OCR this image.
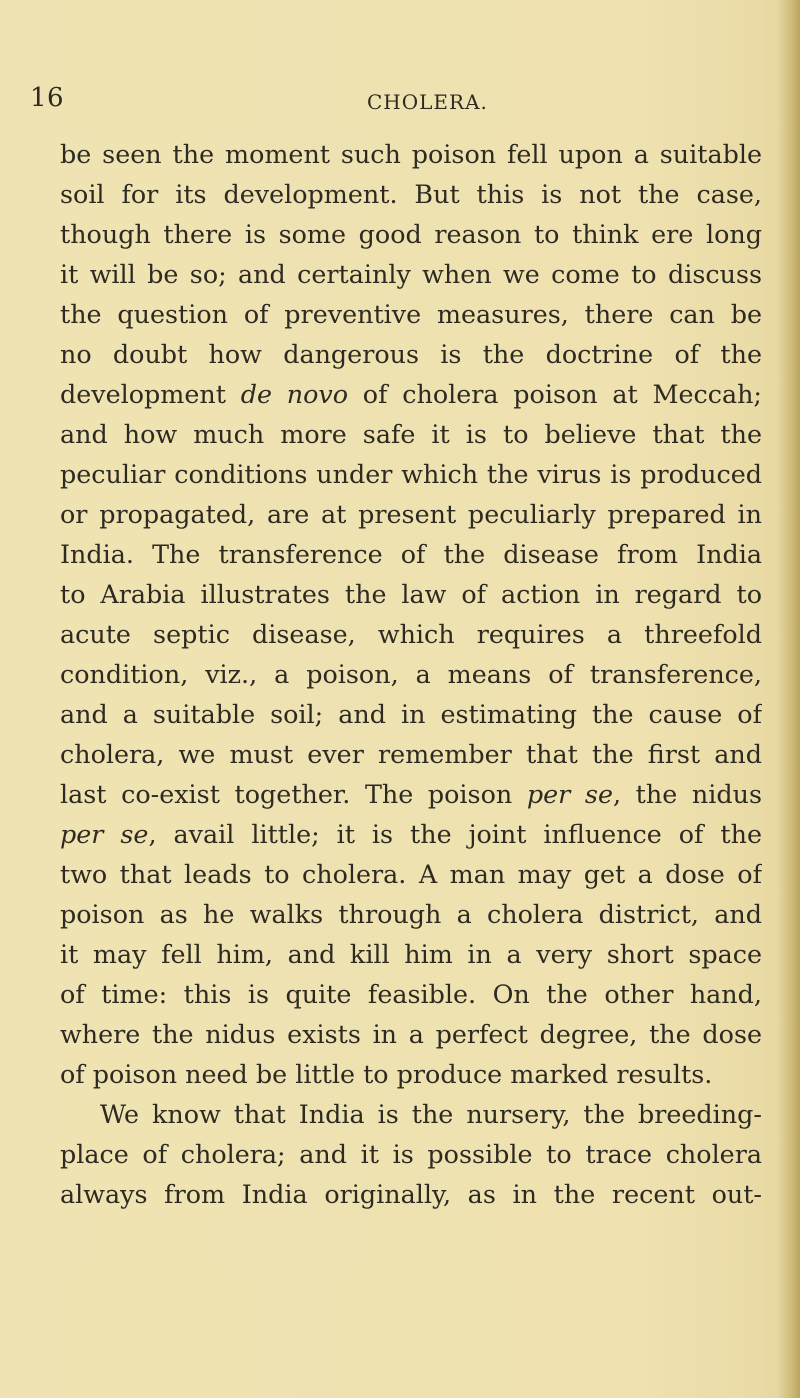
16	CHOLERA.
be seen the moment such poison fell upon a suitable
soil for its development. But this is not the case,
though there is some good reason to think ere long
it will be so; and certainly when we come to discuss
the question of preventive measures, there can be
no doubt how dangerous is the doctrine of the
development de novo of cholera poison at Meccah;
and how much more safe it is to believe that the
peculiar conditions under which the virus is produced
or propagated, are at present peculiarly prepared in
India. The transference of the disease from India
to Arabia illustrates the law of action in regard to
acute septic disease, which requires a threefold
condition, viz., a poison, a means of transference,
and a suitable soil; and in estimating the cause of
cholera, we must ever remember that the first and
last co-exist together. The poison per se, the nidus
per se, avail little; it is the joint influence of the
two that leads to cholera. A man may get a dose of
poison as he walks through a cholera district, and
it may fell him, and kill him in a very short space
of time: this is quite feasible. On the other hand,
where the nidus exists in a perfect degree, the dose
of poison need be little to produce marked results.
We know that India is the nursery, the breeding-
place of cholera; and it is possible to trace cholera
always from India originally, as in the recent out-
